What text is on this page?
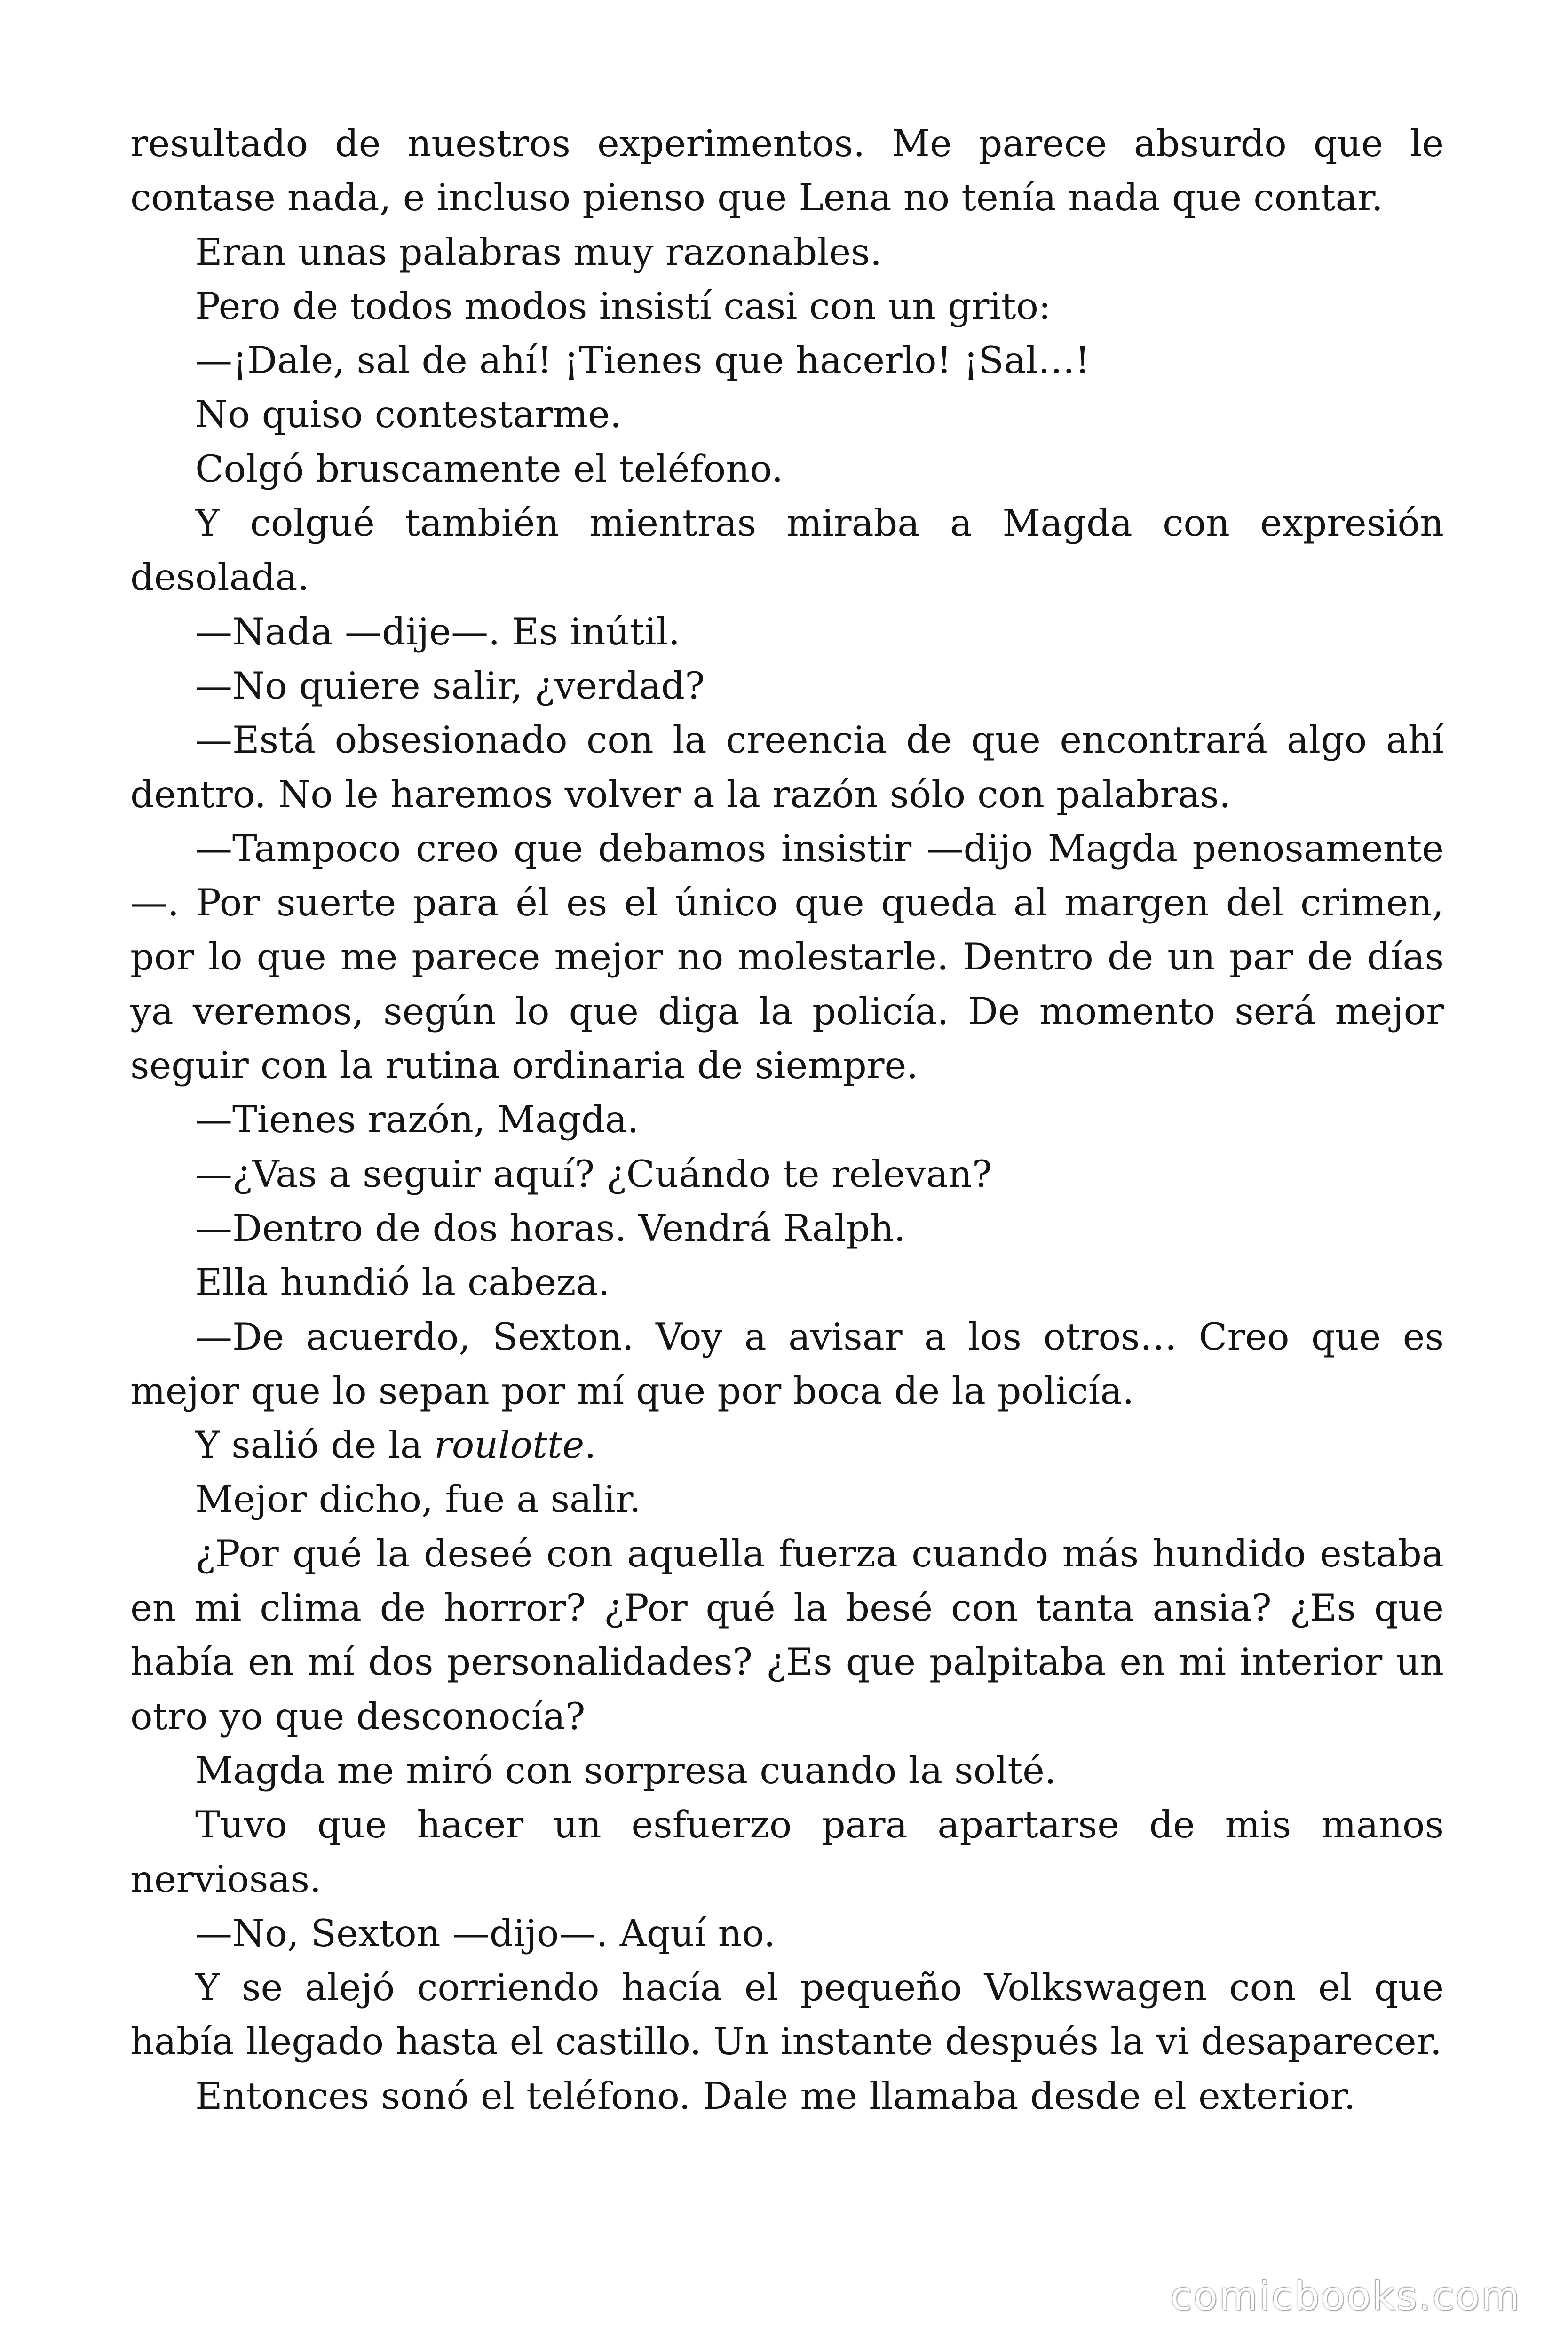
resultado de nuestros experimentos. Me parece absurdo que le contase nada, e incluso pienso que Lena no tenía nada que contar.

Eran unas palabras muy razonables.

Pero de todos modos insistí casi con un grito:

—¡Dale, sal de ahí! ¡Tienes que hacerlo! ¡Sal…!

No quiso contestarme.

Colgó bruscamente el teléfono.

Y colgué también mientras miraba a Magda con expresión desolada.

—Nada —dije—. Es inútil.

—No quiere salir, ¿verdad?

—Está obsesionado con la creencia de que encontrará algo ahí dentro. No le haremos volver a la razón sólo con palabras.

—Tampoco creo que debamos insistir —dijo Magda penosamente—. Por suerte para él es el único que queda al margen del crimen, por lo que me parece mejor no molestarle. Dentro de un par de días ya veremos, según lo que diga la policía. De momento será mejor seguir con la rutina ordinaria de siempre.

—Tienes razón, Magda.

—¿Vas a seguir aquí? ¿Cuándo te relevan?

—Dentro de dos horas. Vendrá Ralph.

Ella hundió la cabeza.

—De acuerdo, Sexton. Voy a avisar a los otros… Creo que es mejor que lo sepan por mí que por boca de la policía.

Y salió de la roulotte.

Mejor dicho, fue a salir.

¿Por qué la deseé con aquella fuerza cuando más hundido estaba en mi clima de horror? ¿Por qué la besé con tanta ansia? ¿Es que había en mí dos personalidades? ¿Es que palpitaba en mi interior un otro yo que desconocía?

Magda me miró con sorpresa cuando la solté.

Tuvo que hacer un esfuerzo para apartarse de mis manos nerviosas.

—No, Sexton —dijo—. Aquí no.

Y se alejó corriendo hacía el pequeño Volkswagen con el que había llegado hasta el castillo. Un instante después la vi desaparecer.

Entonces sonó el teléfono. Dale me llamaba desde el exterior.

comicbooks.com
